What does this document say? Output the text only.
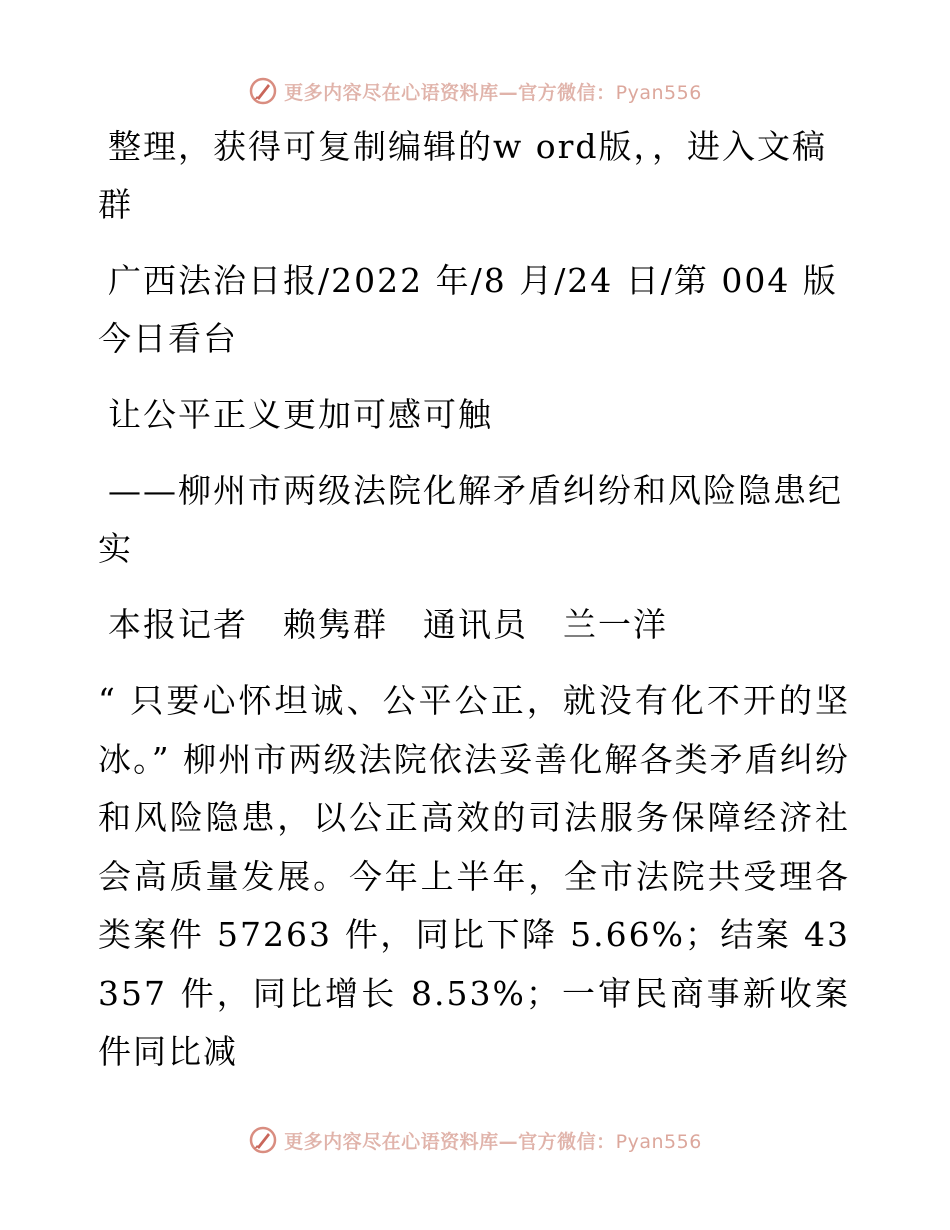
更多内容尽在心语资料库—官方微信：Pyan556

整理，获得可复制编辑的w ord版，，进入文稿群

广西法治日报/2022 年/8 月/24 日/第 004 版今日看台

让公平正义更加可感可触

——柳州市两级法院化解矛盾纠纷和风险隐患纪实

本报记者　赖隽群　通讯员　兰一洋

“ 只要心怀坦诚、公平公正，就没有化不开的坚冰。” 柳州市两级法院依法妥善化解各类矛盾纠纷和风险隐患，以公正高效的司法服务保障经济社会高质量发展。今年上半年，全市法院共受理各类案件 57263 件，同比下降 5.66%；结案 43357 件，同比增长 8.53%；一审民商事新收案件同比减

更多内容尽在心语资料库—官方微信：Pyan556
